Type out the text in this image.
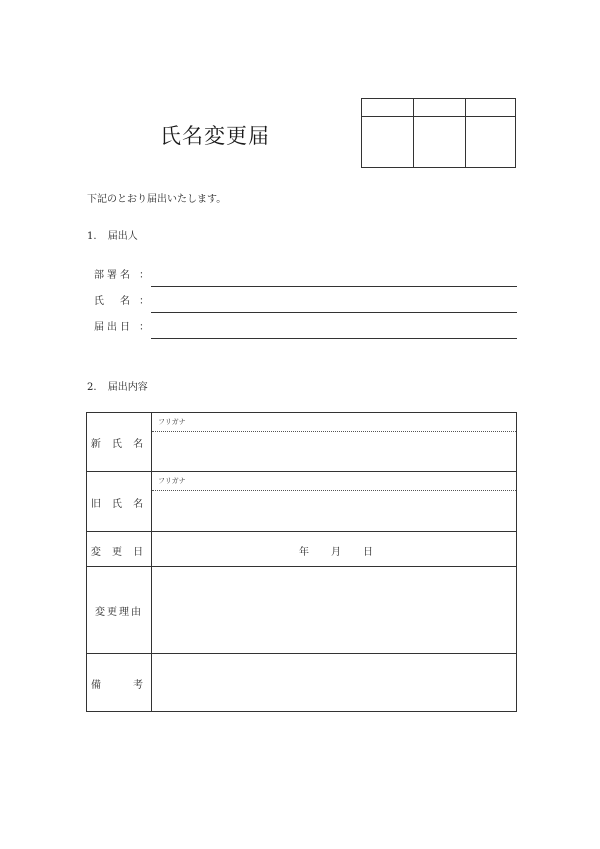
氏名変更届
下記のとおり届出いたします。
1. 届出人
部署名 ：
氏　名 ：
届出日 ：
2. 届出内容
フリガナ
新 氏 名
フリガナ
旧 氏 名
変 更 日	年 月 日
変更理由
備　　考
